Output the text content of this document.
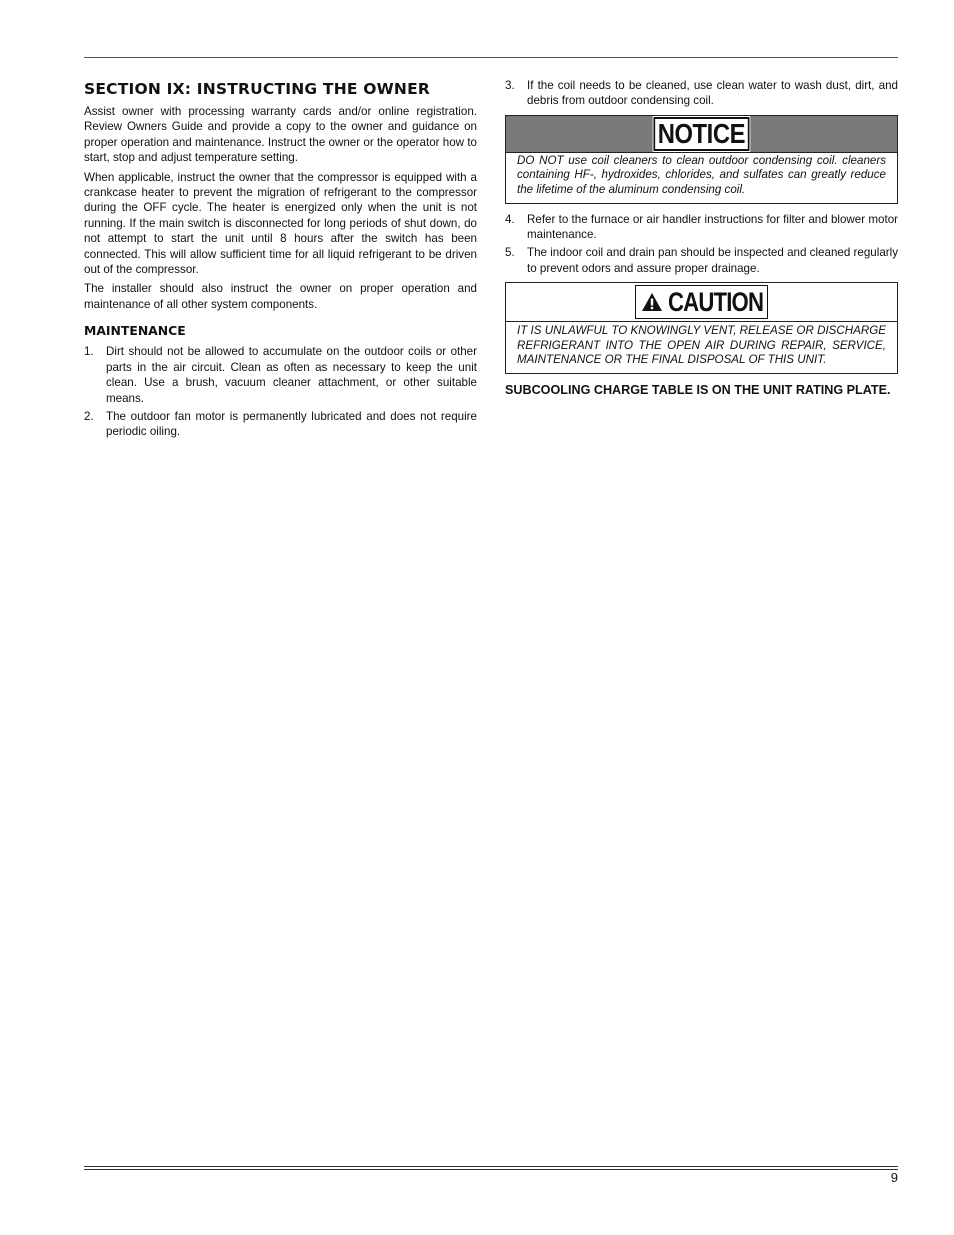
SECTION IX: INSTRUCTING THE OWNER

Assist owner with processing warranty cards and/or online registration. Review Owners Guide and provide a copy to the owner and guidance on proper operation and maintenance. Instruct the owner or the operator how to start, stop and adjust temperature setting.

When applicable, instruct the owner that the compressor is equipped with a crankcase heater to prevent the migration of refrigerant to the compressor during the OFF cycle. The heater is energized only when the unit is not running. If the main switch is disconnected for long periods of shut down, do not attempt to start the unit until 8 hours after the switch has been connected. This will allow sufficient time for all liquid refrigerant to be driven out of the compressor.

The installer should also instruct the owner on proper operation and maintenance of all other system components.

MAINTENANCE
1. Dirt should not be allowed to accumulate on the outdoor coils or other parts in the air circuit. Clean as often as necessary to keep the unit clean. Use a brush, vacuum cleaner attachment, or other suitable means.
2. The outdoor fan motor is permanently lubricated and does not require periodic oiling.
3. If the coil needs to be cleaned, use clean water to wash dust, dirt, and debris from outdoor condensing coil.
NOTICE
DO NOT use coil cleaners to clean outdoor condensing coil. cleaners containing HF-, hydroxides, chlorides, and sulfates can greatly reduce the lifetime of the aluminum condensing coil.
4. Refer to the furnace or air handler instructions for filter and blower motor maintenance.
5. The indoor coil and drain pan should be inspected and cleaned regularly to prevent odors and assure proper drainage.
CAUTION
IT IS UNLAWFUL TO KNOWINGLY VENT, RELEASE OR DISCHARGE REFRIGERANT INTO THE OPEN AIR DURING REPAIR, SERVICE, MAINTENANCE OR THE FINAL DISPOSAL OF THIS UNIT.
SUBCOOLING CHARGE TABLE IS ON THE UNIT RATING PLATE.
9
